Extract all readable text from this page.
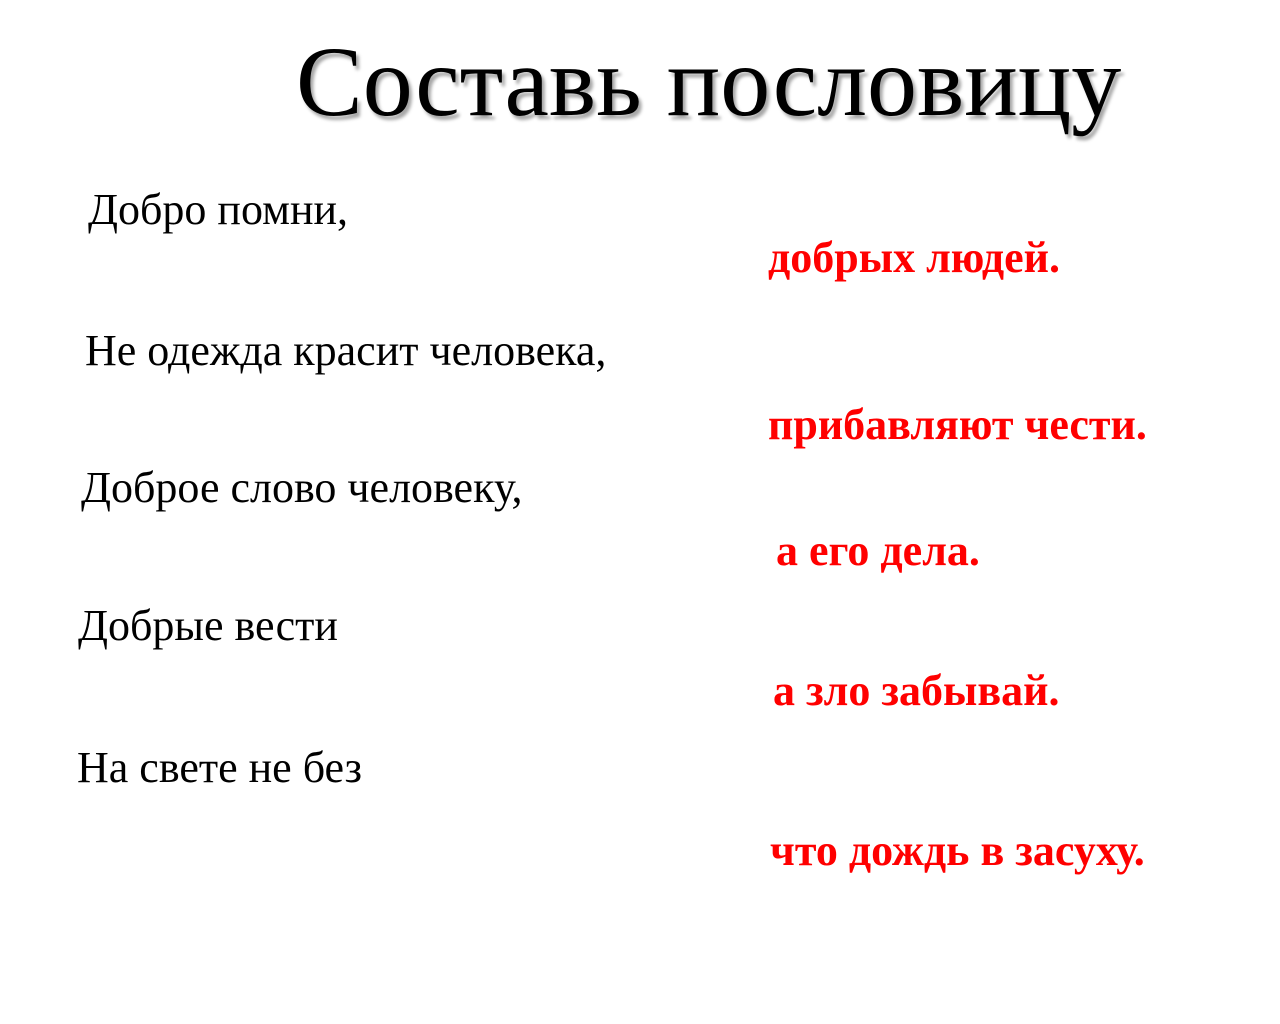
Составь пословицу
Добро помни,
Не одежда красит человека,
Доброе слово человеку,
Добрые вести
На свете не без
добрых людей.
прибавляют чести.
а его дела.
а зло забывай.
что дождь в засуху.
